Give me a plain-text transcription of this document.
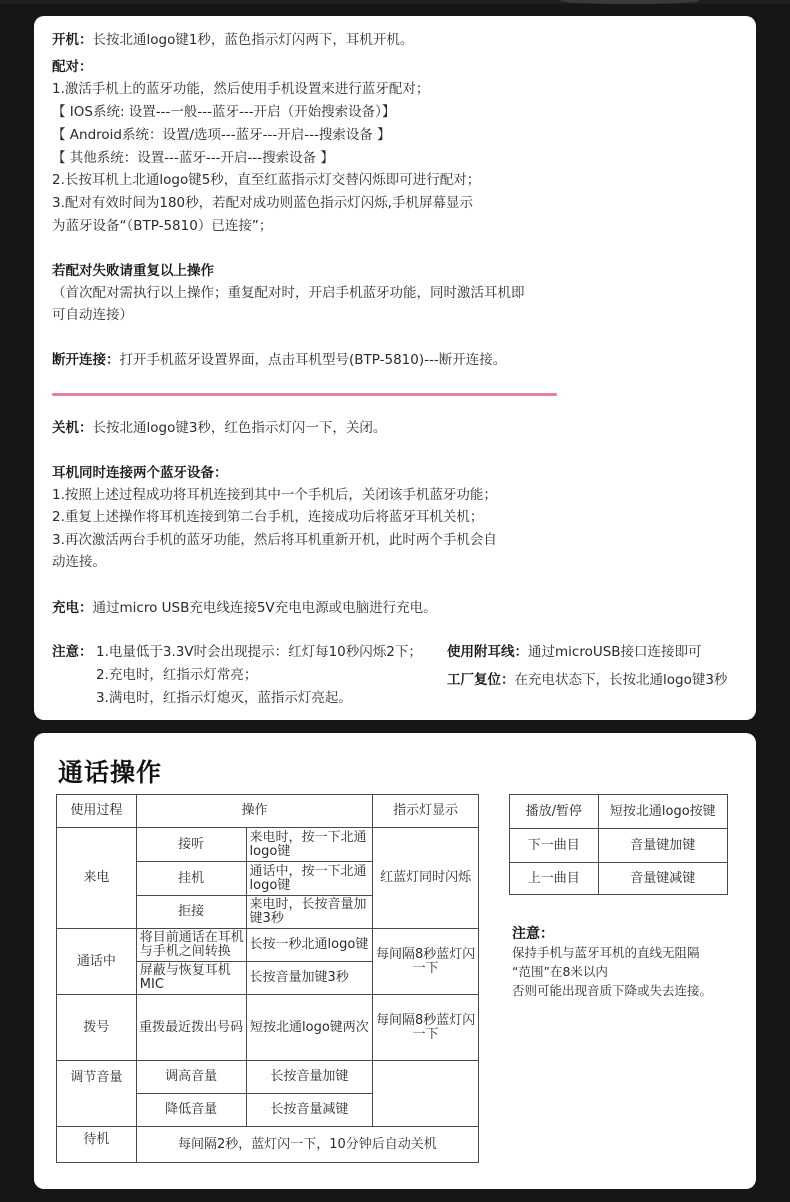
开机：长按北通logo键1秒，蓝色指示灯闪两下，耳机开机。
配对：
1.激活手机上的蓝牙功能，然后使用手机设置来进行蓝牙配对；
【 IOS系统: 设置---一般---蓝牙---开启（开始搜索设备）】
【 Android系统：设置/选项---蓝牙---开启---搜索设备 】
【 其他系统：设置---蓝牙---开启---搜索设备 】
2.长按耳机上北通logo键5秒，直至红蓝指示灯交替闪烁即可进行配对；
3.配对有效时间为180秒，若配对成功则蓝色指示灯闪烁,手机屏幕显示
为蓝牙设备“（BTP-5810）已连接”；
若配对失败请重复以上操作
（首次配对需执行以上操作；重复配对时，开启手机蓝牙功能，同时激活耳机即
可自动连接）
断开连接：打开手机蓝牙设置界面，点击耳机型号(BTP-5810)---断开连接。
关机：长按北通logo键3秒，红色指示灯闪一下，关闭。
耳机同时连接两个蓝牙设备：
1.按照上述过程成功将耳机连接到其中一个手机后，关闭该手机蓝牙功能；
2.重复上述操作将耳机连接到第二台手机，连接成功后将蓝牙耳机关机；
3.再次激活两台手机的蓝牙功能，然后将耳机重新开机，此时两个手机会自
动连接。
充电：通过micro USB充电线连接5V充电电源或电脑进行充电。
注意： 1.电量低于3.3V时会出现提示：红灯每10秒闪烁2下；
2.充电时，红指示灯常亮；
3.满电时，红指示灯熄灭，蓝指示灯亮起。
使用附耳线：通过microUSB接口连接即可
工厂复位：在充电状态下，长按北通logo键3秒
通话操作
使用过程	操作		指示灯显示
来电	接听	来电时，按一下北通logo键	红蓝灯同时闪烁
	挂机	通话中，按一下北通logo键	
	拒接	来电时，长按音量加键3秒	
通话中	将目前通话在耳机与手机之间转换	长按一秒北通logo键	每间隔8秒蓝灯闪一下
	屏蔽与恢复耳机MIC	长按音量加键3秒	
拨号	重拨最近拨出号码	短按北通logo键两次	每间隔8秒蓝灯闪一下
调节音量	调高音量	长按音量加键	
	降低音量	长按音量减键	
待机	每间隔2秒，蓝灯闪一下，10分钟后自动关机		
播放/暂停	短按北通logo按键
下一曲目	音量键加键
上一曲目	音量键减键
注意：
保持手机与蓝牙耳机的直线无阻隔
“范围”在8米以内
否则可能出现音质下降或失去连接。
